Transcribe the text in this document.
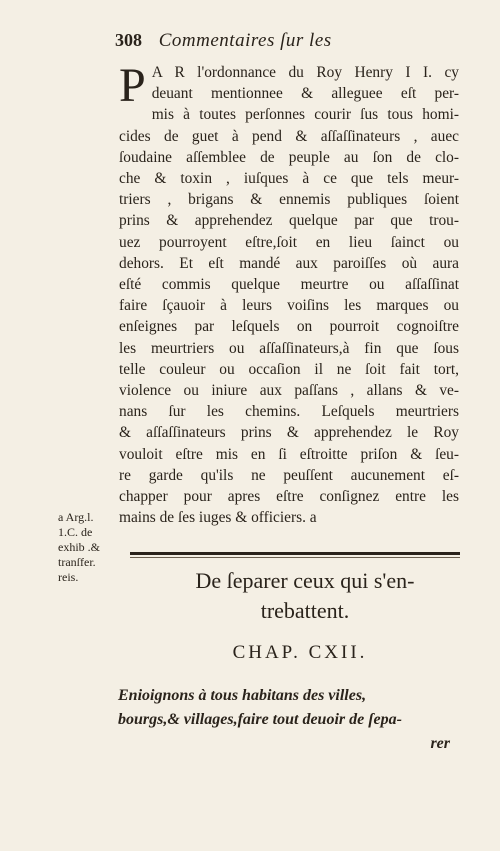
308 Commentaires ſur les
P A R l'ordonnance du Roy Henry I I. cy
deuant mentionnee & alleguee eſt per-
mis à toutes perſonnes courir ſus tous homi-
cides de guet à pend & aſſaſſinateurs , auec
ſoudaine aſſemblee de peuple au ſon de clo-
che & toxin , iuſques à ce que tels meur-
triers , brigans & ennemis publiques ſoient
prins & apprehendez quelque par que trou-
uez pourroyent eſtre,ſoit en lieu ſainct ou
dehors. Et eſt mandé aux paroiſſes où aura
eſté commis quelque meurtre ou aſſaſſinat
faire ſçauoir à leurs voiſins les marques ou
enſeignes par leſquels on pourroit cognoiſtre
les meurtriers ou aſſaſſinateurs,à fin que ſous
telle couleur ou occaſion il ne ſoit fait tort,
violence ou iniure aux paſſans , allans & ve-
nans ſur les chemins. Leſquels meurtriers
& aſſaſſinateurs prins & apprehendez le Roy
vouloit eſtre mis en ſi eſtroitte priſon & ſeu-
re garde qu'ils ne peuſſent aucunement eſ-
chapper pour apres eſtre conſignez entre les
mains de ſes iuges & officiers. a
a Arg.l.
1.C. de
exhib .&
tranſfer.
reis.	De ſeparer ceux qui s'en-
trebattent.
CHAP. CXII.
Enioignons à tous habitans des villes,
bourgs,& villages,faire tout deuoir de ſepa-
rer
